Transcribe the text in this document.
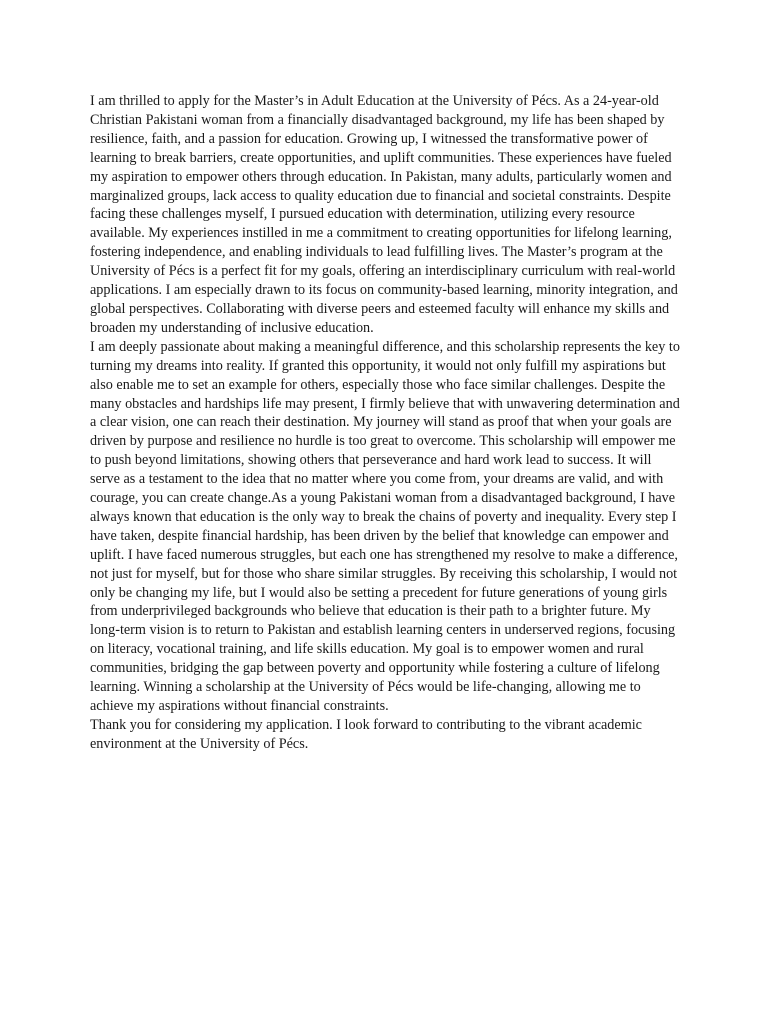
I am thrilled to apply for the Master’s in Adult Education at the University of Pécs. As a 24-year-old Christian Pakistani woman from a financially disadvantaged background, my life has been shaped by resilience, faith, and a passion for education. Growing up, I witnessed the transformative power of learning to break barriers, create opportunities, and uplift communities. These experiences have fueled my aspiration to empower others through education. In Pakistan, many adults, particularly women and marginalized groups, lack access to quality education due to financial and societal constraints. Despite facing these challenges myself, I pursued education with determination, utilizing every resource available. My experiences instilled in me a commitment to creating opportunities for lifelong learning, fostering independence, and enabling individuals to lead fulfilling lives. The Master’s program at the University of Pécs is a perfect fit for my goals, offering an interdisciplinary curriculum with real-world applications. I am especially drawn to its focus on community-based learning, minority integration, and global perspectives. Collaborating with diverse peers and esteemed faculty will enhance my skills and broaden my understanding of inclusive education.

I am deeply passionate about making a meaningful difference, and this scholarship represents the key to turning my dreams into reality. If granted this opportunity, it would not only fulfill my aspirations but also enable me to set an example for others, especially those who face similar challenges. Despite the many obstacles and hardships life may present, I firmly believe that with unwavering determination and a clear vision, one can reach their destination. My journey will stand as proof that when your goals are driven by purpose and resilience no hurdle is too great to overcome. This scholarship will empower me to push beyond limitations, showing others that perseverance and hard work lead to success. It will serve as a testament to the idea that no matter where you come from, your dreams are valid, and with courage, you can create change.As a young Pakistani woman from a disadvantaged background, I have always known that education is the only way to break the chains of poverty and inequality. Every step I have taken, despite financial hardship, has been driven by the belief that knowledge can empower and uplift. I have faced numerous struggles, but each one has strengthened my resolve to make a difference, not just for myself, but for those who share similar struggles. By receiving this scholarship, I would not only be changing my life, but I would also be setting a precedent for future generations of young girls from underprivileged backgrounds who believe that education is their path to a brighter future. My long-term vision is to return to Pakistan and establish learning centers in underserved regions, focusing on literacy, vocational training, and life skills education. My goal is to empower women and rural communities, bridging the gap between poverty and opportunity while fostering a culture of lifelong learning. Winning a scholarship at the University of Pécs would be life-changing, allowing me to achieve my aspirations without financial constraints.

Thank you for considering my application. I look forward to contributing to the vibrant academic environment at the University of Pécs.
